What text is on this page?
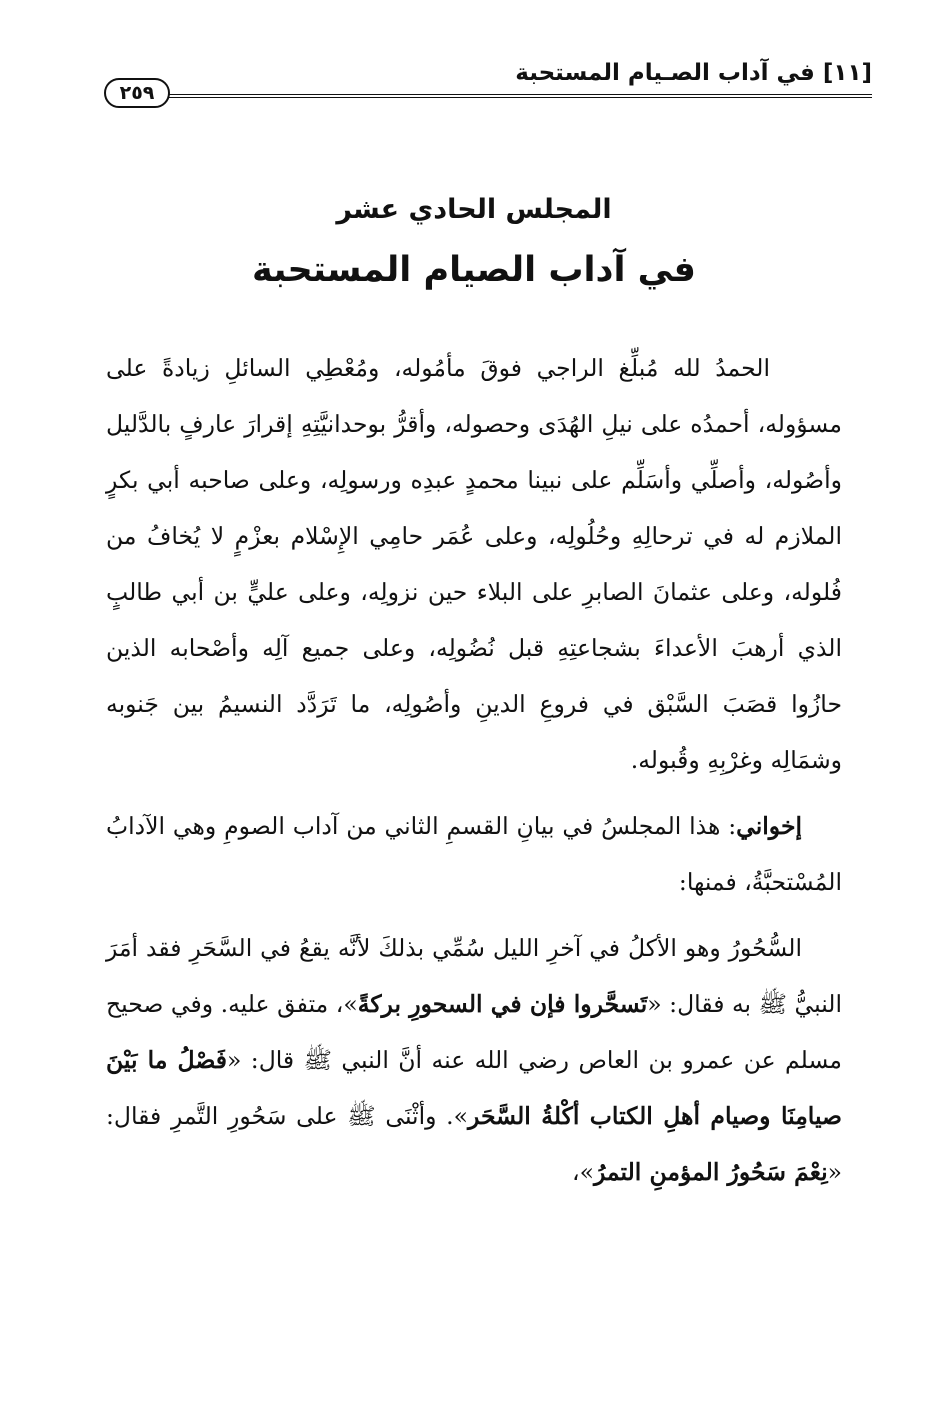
[١١] في آداب الصـيام المستحبة
٢٥٩
المجلس الحادي عشر
في آداب الصيام المستحبة

الحمدُ لله مُبلِّغ الراجي فوقَ مأمُوله، ومُعْطِي السائلِ زيادةً على مسؤوله، أحمدُه على نيلِ الهُدَى وحصوله، وأقرُّ بوحدانيَّتِهِ إقرارَ عارفٍ بالدَّليل وأصُوله، وأصلِّي وأسَلِّم على نبينا محمدٍ عبدِه ورسولِه، وعلى صاحبه أبي بكرٍ الملازم له في ترحالِهِ وحُلُولِه، وعلى عُمَر حامِي الإِسْلام بعزْمٍ لا يُخافُ من فُلوله، وعلى عثمانَ الصابرِ على البلاء حين نزولِه، وعلى عليٍّ بن أبي طالبٍ الذي أرهبَ الأعداءَ بشجاعتِهِ قبل نُضُولِه، وعلى جميع آلِه وأصْحابه الذين حازُوا قصَبَ السَّبْق في فروعِ الدينِ وأصُولِه، ما تَرَدَّد النسيمُ بين جَنوبه وشمَالِه وغرْبِهِ وقُبوله.

إخواني: هذا المجلسُ في بيانِ القسمِ الثاني من آداب الصومِ وهي الآدابُ المُسْتحبَّةُ، فمنها:

السُّحُورُ وهو الأكلُ في آخرِ الليل سُمِّي بذلكَ لأنَّه يقعُ في السَّحَرِ فقد أمَرَ النبيُّ ﷺ به فقال: «تَسحَّروا فإن في السحورِ بركةً»، متفق عليه. وفي صحيح مسلم عن عمرو بن العاص رضي الله عنه أنَّ النبي ﷺ قال: «فَصْلُ ما بَيْنَ صيامِنَا وصيام أهلِ الكتاب أكْلةُ السَّحَر». وأثْنَى ﷺ على سَحُورِ التَّمرِ فقال: «نِعْمَ سَحُورُ المؤمنِ التمرُ»،
